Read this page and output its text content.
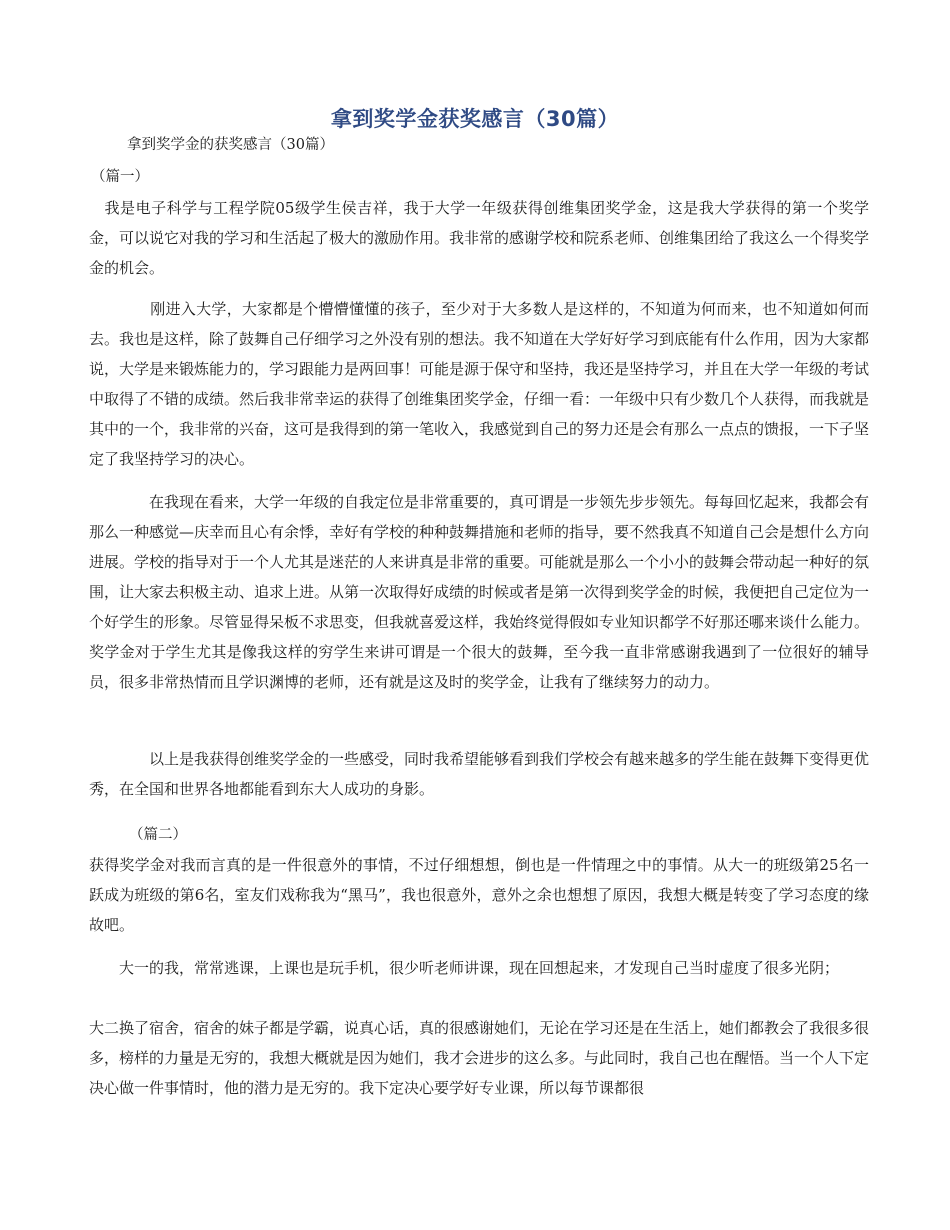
拿到奖学金获奖感言（30篇）
拿到奖学金的获奖感言（30篇）
（篇一）

　我是电子科学与工程学院05级学生侯吉祥，我于大学一年级获得创维集团奖学金，这是我大学获得的第一个奖学金，可以说它对我的学习和生活起了极大的激励作用。我非常的感谢学校和院系老师、创维集团给了我这么一个得奖学金的机会。

　　　　刚进入大学，大家都是个懵懵懂懂的孩子，至少对于大多数人是这样的，不知道为何而来，也不知道如何而去。我也是这样，除了鼓舞自己仔细学习之外没有别的想法。我不知道在大学好好学习到底能有什么作用，因为大家都说，大学是来锻炼能力的，学习跟能力是两回事！可能是源于保守和坚持，我还是坚持学习，并且在大学一年级的考试中取得了不错的成绩。然后我非常幸运的获得了创维集团奖学金，仔细一看：一年级中只有少数几个人获得，而我就是其中的一个，我非常的兴奋，这可是我得到的第一笔收入，我感觉到自己的努力还是会有那么一点点的馈报，一下子坚定了我坚持学习的决心。

　　　　在我现在看来，大学一年级的自我定位是非常重要的，真可谓是一步领先步步领先。每每回忆起来，我都会有那么一种感觉—庆幸而且心有余悸，幸好有学校的种种鼓舞措施和老师的指导，要不然我真不知道自己会是想什么方向进展。学校的指导对于一个人尤其是迷茫的人来讲真是非常的重要。可能就是那么一个小小的鼓舞会带动起一种好的氛围，让大家去积极主动、追求上进。从第一次取得好成绩的时候或者是第一次得到奖学金的时候，我便把自己定位为一个好学生的形象。尽管显得呆板不求思变，但我就喜爱这样，我始终觉得假如专业知识都学不好那还哪来谈什么能力。奖学金对于学生尤其是像我这样的穷学生来讲可谓是一个很大的鼓舞，至今我一直非常感谢我遇到了一位很好的辅导员，很多非常热情而且学识渊博的老师，还有就是这及时的奖学金，让我有了继续努力的动力。

　　　　以上是我获得创维奖学金的一些感受，同时我希望能够看到我们学校会有越来越多的学生能在鼓舞下变得更优秀，在全国和世界各地都能看到东大人成功的身影。

（篇二）

获得奖学金对我而言真的是一件很意外的事情，不过仔细想想，倒也是一件情理之中的事情。从大一的班级第25名一跃成为班级的第6名，室友们戏称我为“黑马”，我也很意外，意外之余也想想了原因，我想大概是转变了学习态度的缘故吧。

　　大一的我，常常逃课，上课也是玩手机，很少听老师讲课，现在回想起来，才发现自己当时虚度了很多光阴；

大二换了宿舍，宿舍的妹子都是学霸，说真心话，真的很感谢她们，无论在学习还是在生活上，她们都教会了我很多很多，榜样的力量是无穷的，我想大概就是因为她们，我才会进步的这么多。与此同时，我自己也在醒悟。当一个人下定决心做一件事情时，他的潜力是无穷的。我下定决心要学好专业课，所以每节课都很
